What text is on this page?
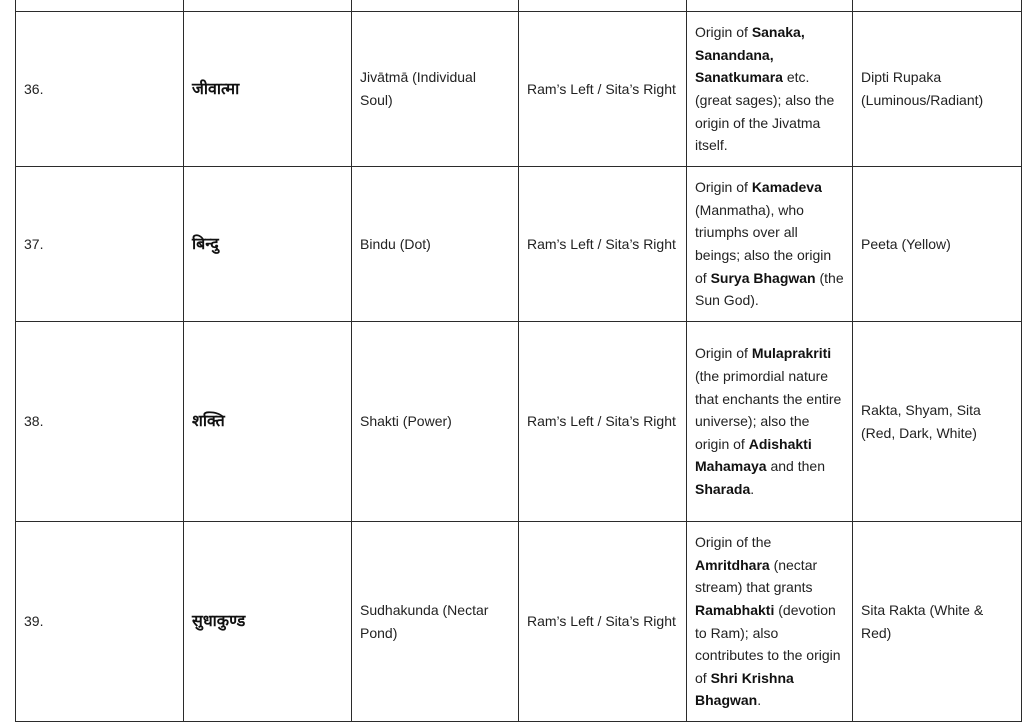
36.	जीवात्मा	Jivātmā (Individual Soul)	Ram’s Left / Sita’s Right	Origin of Sanaka, Sanandana, Sanatkumara etc. (great sages); also the origin of the Jivatma itself.	Dipti Rupaka (Luminous/Radiant)
37.	बिन्दु	Bindu (Dot)	Ram’s Left / Sita’s Right	Origin of Kamadeva (Manmatha), who triumphs over all beings; also the origin of Surya Bhagwan (the Sun God).	Peeta (Yellow)
38.	शक्ति	Shakti (Power)	Ram’s Left / Sita’s Right	Origin of Mulaprakriti (the primordial nature that enchants the entire universe); also the origin of Adishakti Mahamaya and then Sharada.	Rakta, Shyam, Sita (Red, Dark, White)
39.	सुधाकुण्ड	Sudhakunda (Nectar Pond)	Ram’s Left / Sita’s Right	Origin of the Amritdhara (nectar stream) that grants Ramabhakti (devotion to Ram); also contributes to the origin of Shri Krishna Bhagwan.	Sita Rakta (White & Red)
